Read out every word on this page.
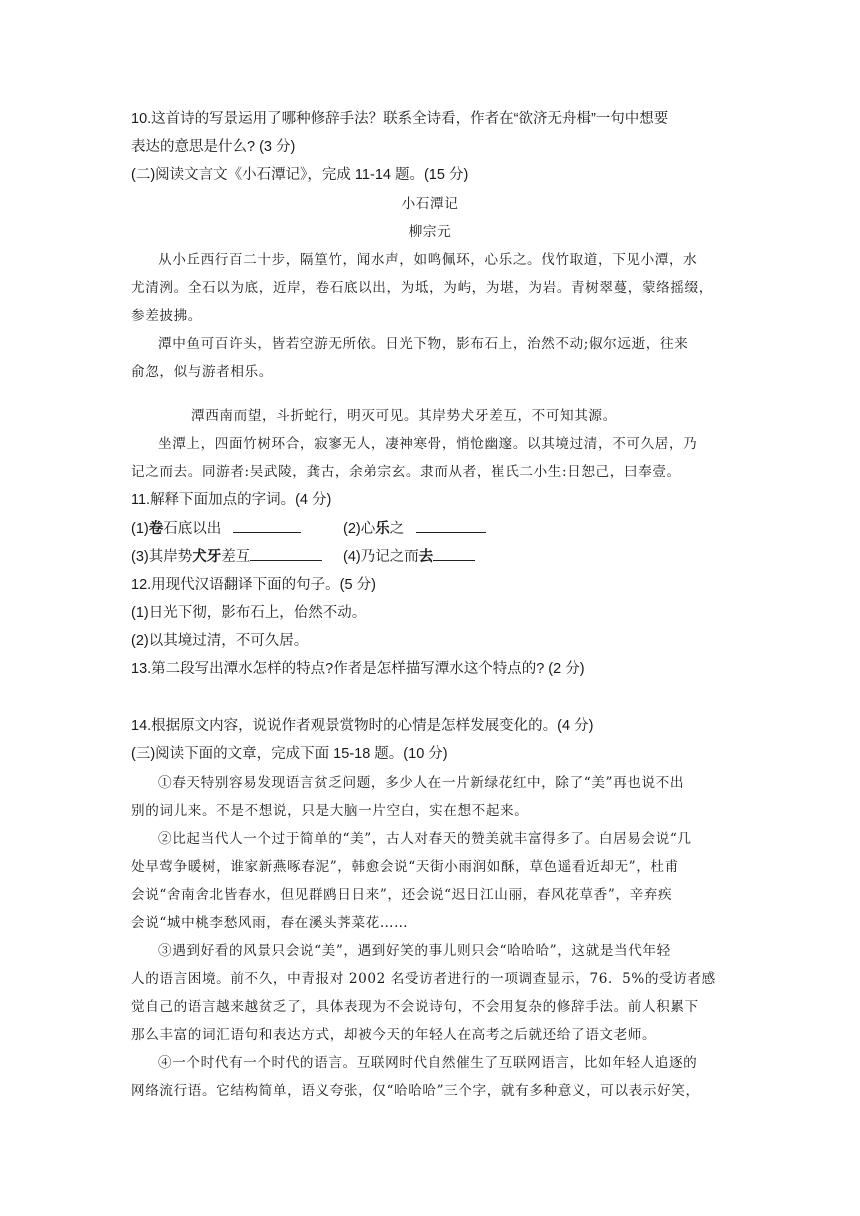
10.这首诗的写景运用了哪种修辞手法？联系全诗看，作者在“欲济无舟楫”一句中想要
表达的意思是什么? (3 分)
(二)阅读文言文《小石潭记》，完成 11-14 题。(15 分)
小石潭记
柳宗元
从小丘西行百二十步，隔篁竹，闻水声，如鸣佩环，心乐之。伐竹取道，下见小潭，水
尤清洌。全石以为底，近岸，卷石底以出，为坻，为屿，为堪，为岩。青树翠蔓，蒙络摇缀，
参差披拂。
潭中鱼可百许头，皆若空游无所依。日光下物，影布石上，治然不动;俶尔远逝，往来
俞忽，似与游者相乐。
潭西南而望，斗折蛇行，明灭可见。其岸势犬牙差互，不可知其源。
坐潭上，四面竹树环合，寂寥无人，凄神寒骨，悄怆幽邃。以其境过清，不可久居，乃
记之而去。同游者:吴武陵，龚古，余弟宗玄。隶而从者，崔氏二小生:日恕己，曰奉壹。
11.解释下面加点的字词。(4 分)
(1)卷石底以出	(2)心乐之
(3)其岸势犬牙差互	(4)乃记之而去
12.用现代汉语翻译下面的句子。(5 分)
(1)日光下彻，影布石上，佁然不动。
(2)以其境过清，不可久居。
13.第二段写出潭水怎样的特点?作者是怎样描写潭水这个特点的? (2 分)
14.根据原文内容，说说作者观景赏物时的心情是怎样发展变化的。(4 分)
(三)阅读下面的文章，完成下面 15-18 题。(10 分)
①春天特别容易发现语言贫乏问题，多少人在一片新绿花红中，除了“美”再也说不出
别的词儿来。不是不想说，只是大脑一片空白，实在想不起来。
②比起当代人一个过于简单的“美”，古人对春天的赞美就丰富得多了。白居易会说“几
处早莺争暖树，谁家新燕啄春泥”，韩愈会说“天街小雨润如酥，草色遥看近却无”，杜甫
会说“舍南舍北皆春水，但见群鸥日日来”，还会说“迟日江山丽，春风花草香”，辛弃疾
会说“城中桃李愁风雨，春在溪头荠菜花……
③遇到好看的风景只会说“美”，遇到好笑的事儿则只会“哈哈哈”，这就是当代年轻
人的语言困境。前不久，中青报对 2002 名受访者进行的一项调查显示，76．5%的受访者感
觉自己的语言越来越贫乏了，具体表现为不会说诗句，不会用复杂的修辞手法。前人积累下
那么丰富的词汇语句和表达方式，却被今天的年轻人在高考之后就还给了语文老师。
④一个时代有一个时代的语言。互联网时代自然催生了互联网语言，比如年轻人追逐的
网络流行语。它结构简单，语义夸张，仅“哈哈哈”三个字，就有多种意义，可以表示好笑，
